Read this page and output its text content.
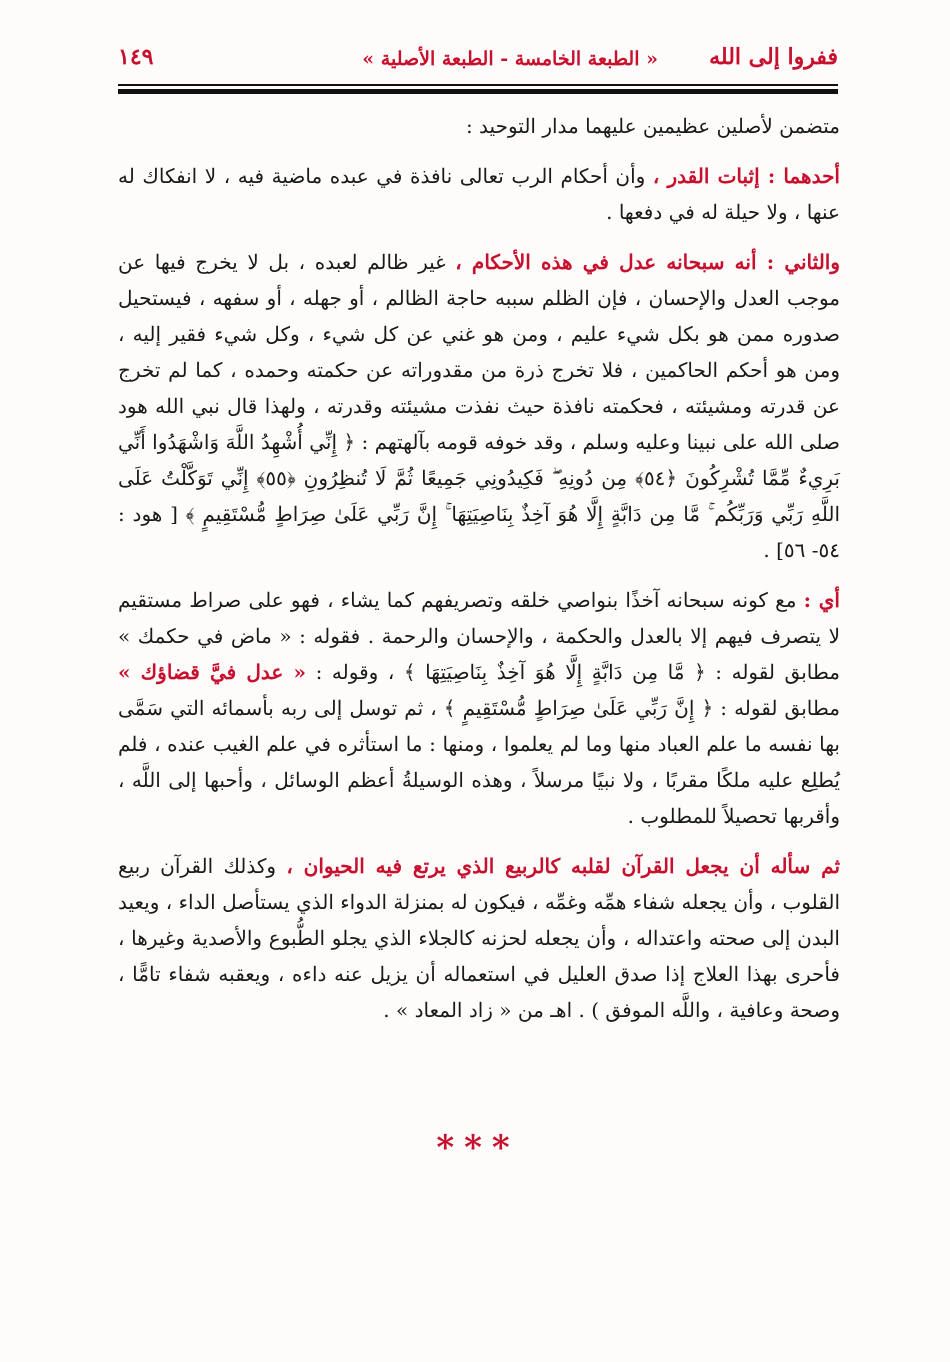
ففروا إلى الله
« الطبعة الخامسة - الطبعة الأصلية »
١٤٩

متضمن لأصلين عظيمين عليهما مدار التوحيد :

أحدهما : إثبات القدر ، وأن أحكام الرب تعالى نافذة في عبده ماضية فيه ، لا انفكاك له عنها ، ولا حيلة له في دفعها .

والثاني : أنه سبحانه عدل في هذه الأحكام ، غير ظالم لعبده ، بل لا يخرج فيها عن موجب العدل والإحسان ، فإن الظلم سببه حاجة الظالم ، أو جهله ، أو سفهه ، فيستحيل صدوره ممن هو بكل شيء عليم ، ومن هو غني عن كل شيء ، وكل شيء فقير إليه ، ومن هو أحكم الحاكمين ، فلا تخرج ذرة من مقدوراته عن حكمته وحمده ، كما لم تخرج عن قدرته ومشيئته ، فحكمته نافذة حيث نفذت مشيئته وقدرته ، ولهذا قال نبي الله هود صلى الله على نبينا وعليه وسلم ، وقد خوفه قومه بآلهتهم : ﴿ إِنِّي أُشْهِدُ اللَّهَ وَاشْهَدُوا أَنِّي بَرِيءٌ مِّمَّا تُشْرِكُونَ ﴿٥٤﴾ مِن دُونِهِ ۖ فَكِيدُونِي جَمِيعًا ثُمَّ لَا تُنظِرُونِ ﴿٥٥﴾ إِنِّي تَوَكَّلْتُ عَلَى اللَّهِ رَبِّي وَرَبِّكُم ۚ مَّا مِن دَابَّةٍ إِلَّا هُوَ آخِذٌ بِنَاصِيَتِهَا ۚ إِنَّ رَبِّي عَلَىٰ صِرَاطٍ مُّسْتَقِيمٍ ﴾ [ هود : ٥٤- ٥٦] .

أي : مع كونه سبحانه آخذًا بنواصي خلقه وتصريفهم كما يشاء ، فهو على صراط مستقيم لا يتصرف فيهم إلا بالعدل والحكمة ، والإحسان والرحمة . فقوله : « ماض في حكمك » مطابق لقوله : ﴿ مَّا مِن دَابَّةٍ إِلَّا هُوَ آخِذٌ بِنَاصِيَتِهَا ﴾ ، وقوله : « عدل فيَّ قضاؤك » مطابق لقوله : ﴿ إِنَّ رَبِّي عَلَىٰ صِرَاطٍ مُّسْتَقِيمٍ ﴾ ، ثم توسل إلى ربه بأسمائه التي سَمَّى بها نفسه ما علم العباد منها وما لم يعلموا ، ومنها : ما استأثره في علم الغيب عنده ، فلم يُطلِع عليه ملكًا مقربًا ، ولا نبيًا مرسلاً ، وهذه الوسيلةُ أعظم الوسائل ، وأحبها إلى اللَّه ، وأقربها تحصيلاً للمطلوب .

ثم سأله أن يجعل القرآن لقلبه كالربيع الذي يرتع فيه الحيوان ، وكذلك القرآن ربيع القلوب ، وأن يجعله شفاء همِّه وغمِّه ، فيكون له بمنزلة الدواء الذي يستأصل الداء ، ويعيد البدن إلى صحته واعتداله ، وأن يجعله لحزنه كالجلاء الذي يجلو الطُّبوع والأصدية وغيرها ، فأحرى بهذا العلاج إذا صدق العليل في استعماله أن يزيل عنه داءه ، ويعقبه شفاء تامًّا ، وصحة وعافية ، واللَّه الموفق ) . اهـ من « زاد المعاد » .

***
